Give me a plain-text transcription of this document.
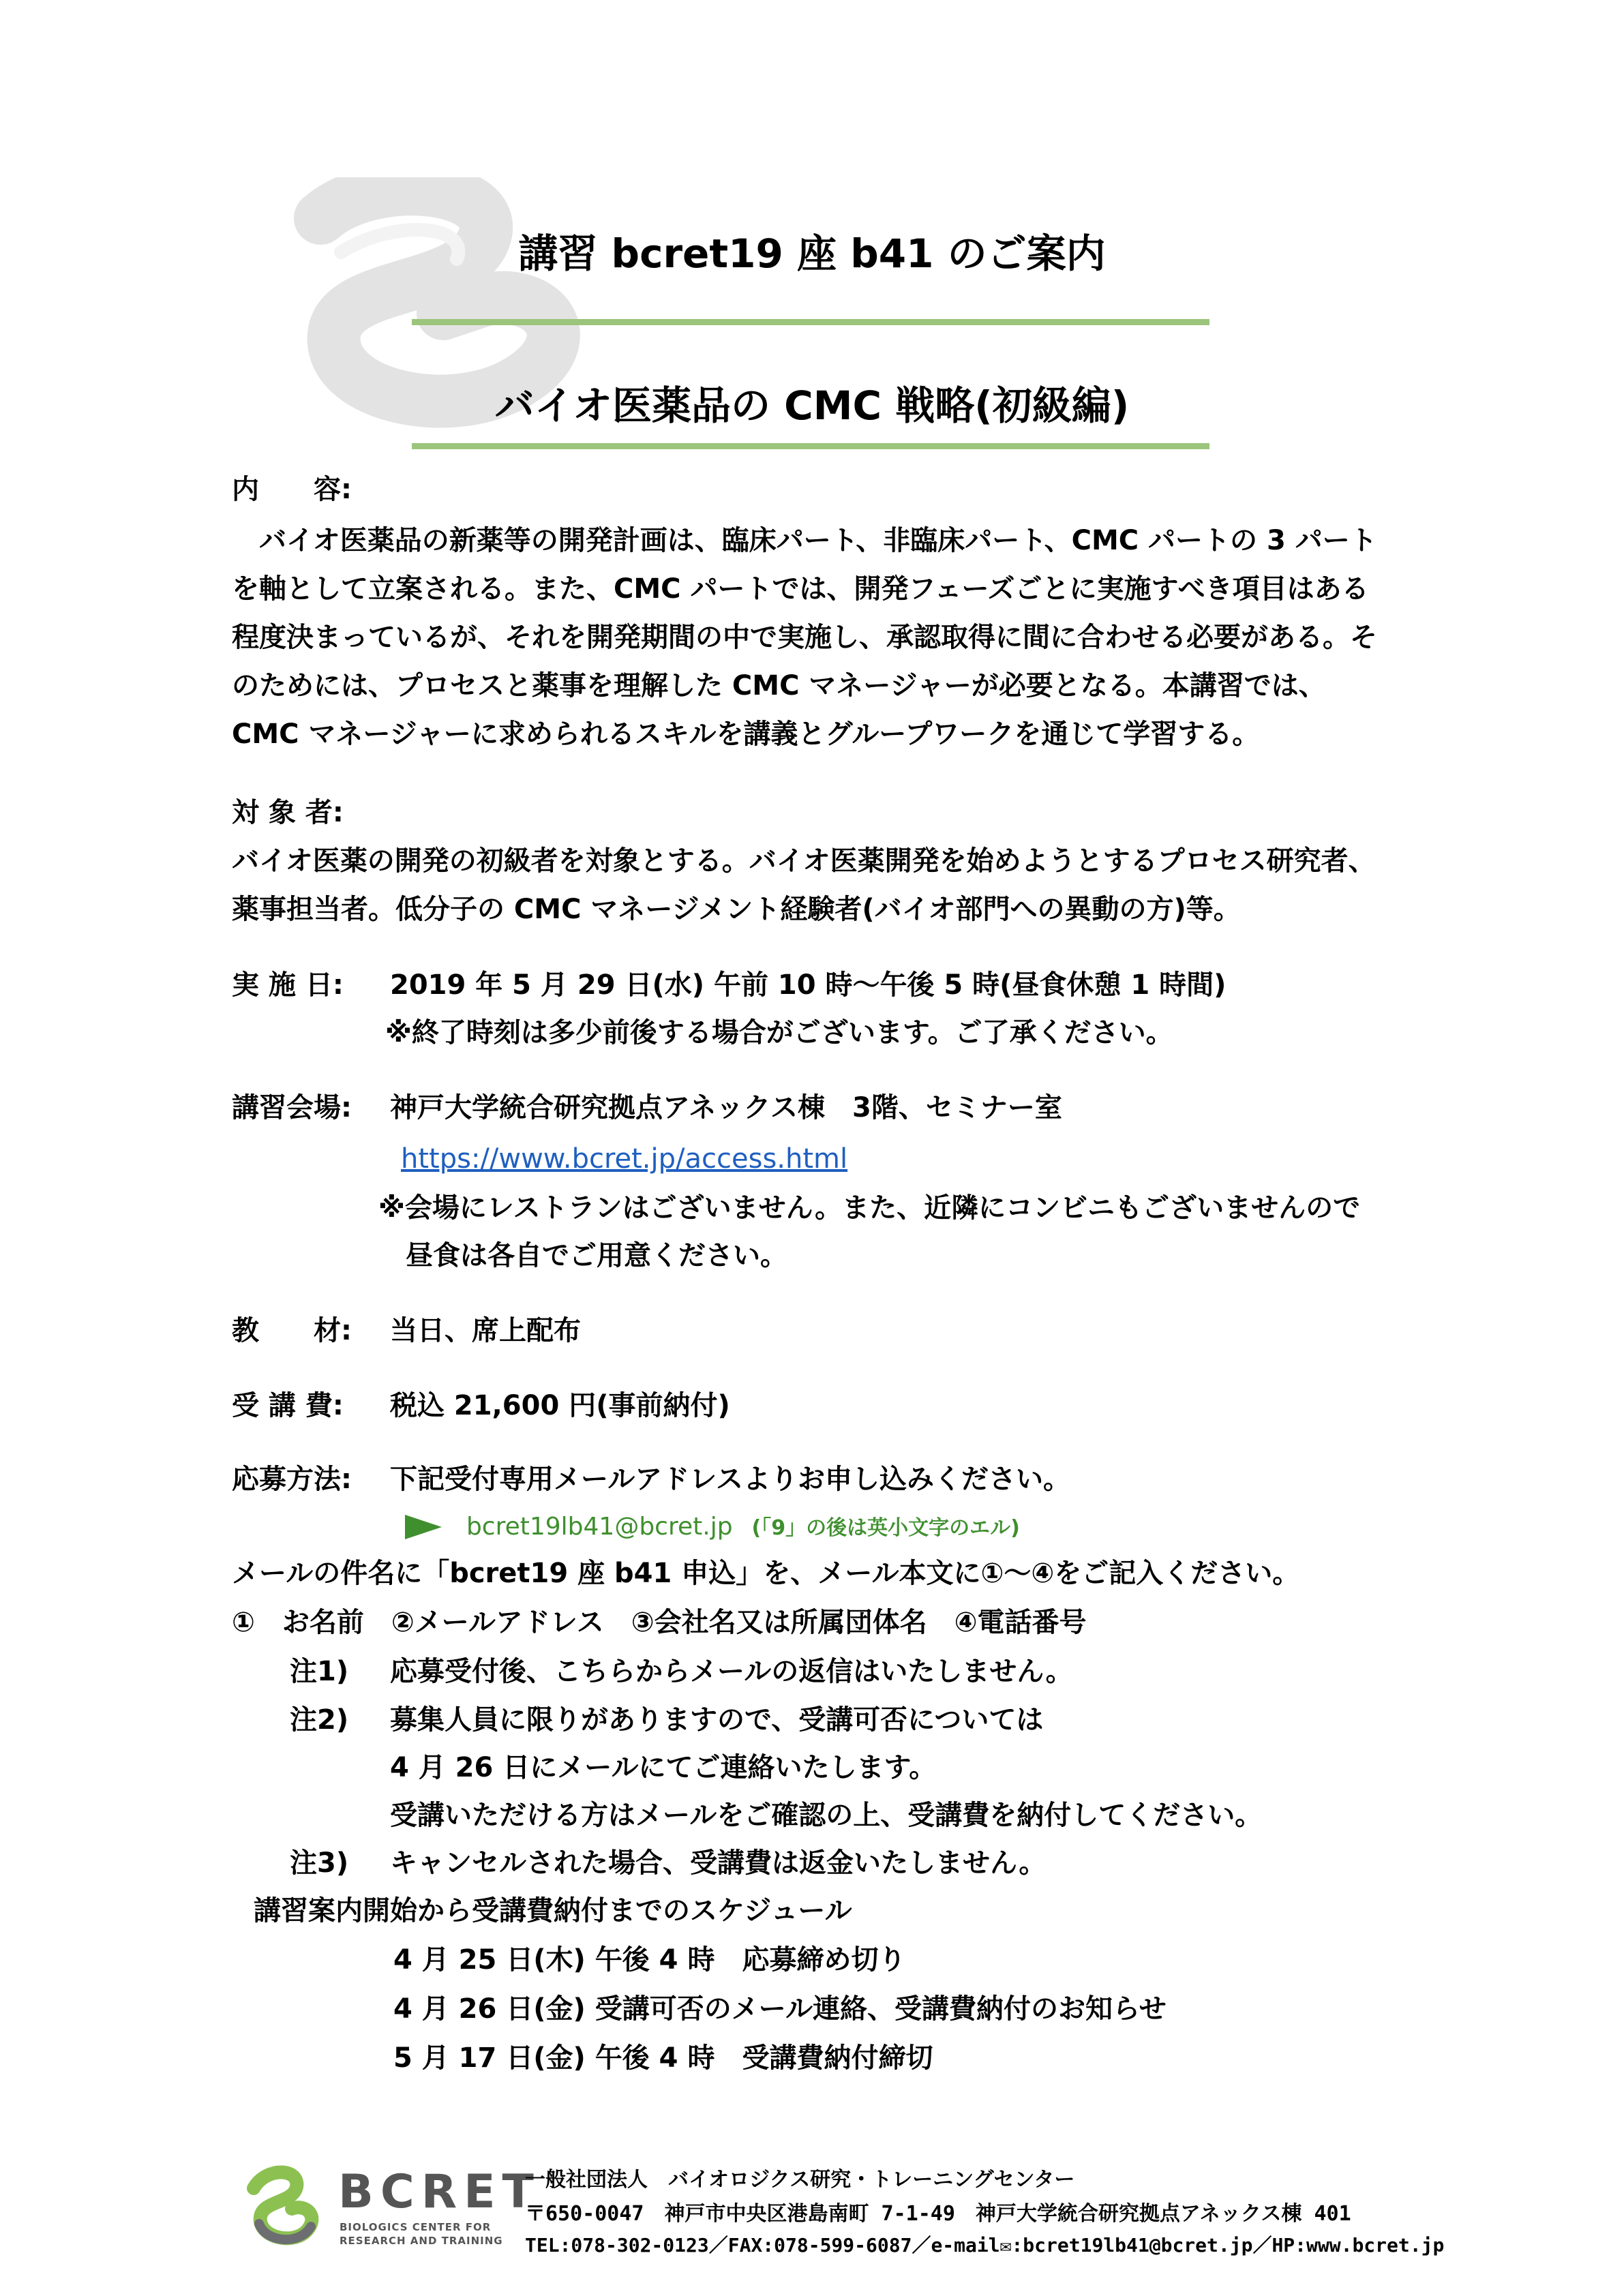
講習 bcret19 座 b41 のご案内
バイオ医薬品の CMC 戦略(初級編)
内　　容:
バイオ医薬品の新薬等の開発計画は、臨床パート、非臨床パート、CMC パートの 3 パートを軸として立案される。また、CMC パートでは、開発フェーズごとに実施すべき項目はある程度決まっているが、それを開発期間の中で実施し、承認取得に間に合わせる必要がある。そのためには、プロセスと薬事を理解した CMC マネージャーが必要となる。本講習では、CMC マネージャーに求められるスキルを講義とグループワークを通じて学習する。
対 象 者:
バイオ医薬の開発の初級者を対象とする。バイオ医薬開発を始めようとするプロセス研究者、薬事担当者。低分子の CMC マネージメント経験者(バイオ部門への異動の方)等。
実 施 日: 2019 年 5 月 29 日(水) 午前 10 時～午後 5 時(昼食休憩 1 時間)
※終了時刻は多少前後する場合がございます。ご了承ください。
講習会場: 神戸大学統合研究拠点アネックス棟　3階、セミナー室
https://www.bcret.jp/access.html
※会場にレストランはございません。また、近隣にコンビニもございませんので
昼食は各自でご用意ください。
教　　材: 当日、席上配布
受 講 費: 税込 21,600 円(事前納付)
応募方法: 下記受付専用メールアドレスよりお申し込みください。
bcret19lb41@bcret.jp (「9」の後は英小文字のエル)
メールの件名に「bcret19 座 b41 申込」を、メール本文に①～④をご記入ください。
①　お名前　②メールアドレス　③会社名又は所属団体名　④電話番号
注1) 応募受付後、こちらからメールの返信はいたしません。
注2) 募集人員に限りがありますので、受講可否については
4 月 26 日にメールにてご連絡いたします。
受講いただける方はメールをご確認の上、受講費を納付してください。
注3) キャンセルされた場合、受講費は返金いたしません。
講習案内開始から受講費納付までのスケジュール
4 月 25 日(木) 午後 4 時　応募締め切り
4 月 26 日(金) 受講可否のメール連絡、受講費納付のお知らせ
5 月 17 日(金) 午後 4 時　受講費納付締切
BCRET
BIOLOGICS CENTER FOR
RESEARCH AND TRAINING
一般社団法人　バイオロジクス研究・トレーニングセンター
〒650-0047　神戸市中央区港島南町 7-1-49　神戸大学統合研究拠点アネックス棟 401
TEL:078-302-0123／FAX:078-599-6087／e-mail✉:bcret19lb41@bcret.jp／HP:www.bcret.jp
